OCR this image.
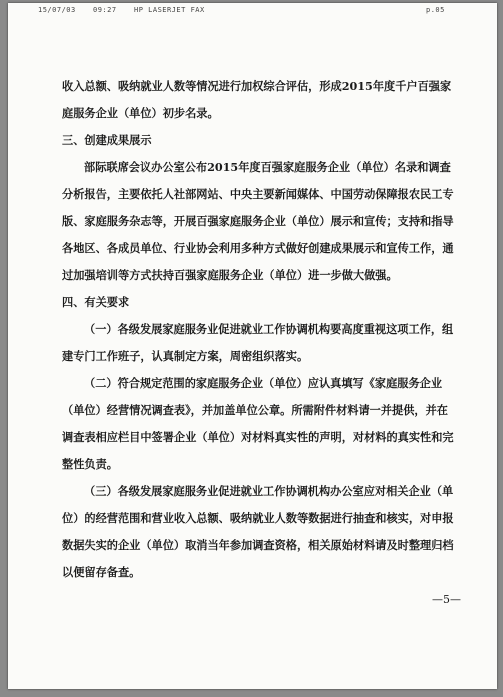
15/07/03 09:27 HP LASERJET FAX	p.05

收入总额、吸纳就业人数等情况进行加权综合评估，形成2015年度千户百强家庭服务企业（单位）初步名录。

三、创建成果展示

部际联席会议办公室公布2015年度百强家庭服务企业（单位）名录和调查分析报告，主要依托人社部网站、中央主要新闻媒体、中国劳动保障报农民工专版、家庭服务杂志等，开展百强家庭服务企业（单位）展示和宣传；支持和指导各地区、各成员单位、行业协会利用多种方式做好创建成果展示和宣传工作，通过加强培训等方式扶持百强家庭服务企业（单位）进一步做大做强。

四、有关要求

（一）各级发展家庭服务业促进就业工作协调机构要高度重视这项工作，组建专门工作班子，认真制定方案，周密组织落实。

（二）符合规定范围的家庭服务企业（单位）应认真填写《家庭服务企业（单位）经营情况调查表》，并加盖单位公章。所需附件材料请一并提供，并在调查表相应栏目中签署企业（单位）对材料真实性的声明，对材料的真实性和完整性负责。

（三）各级发展家庭服务业促进就业工作协调机构办公室应对相关企业（单位）的经营范围和营业收入总额、吸纳就业人数等数据进行抽查和核实，对申报数据失实的企业（单位）取消当年参加调查资格，相关原始材料请及时整理归档以便留存备查。

—5—
